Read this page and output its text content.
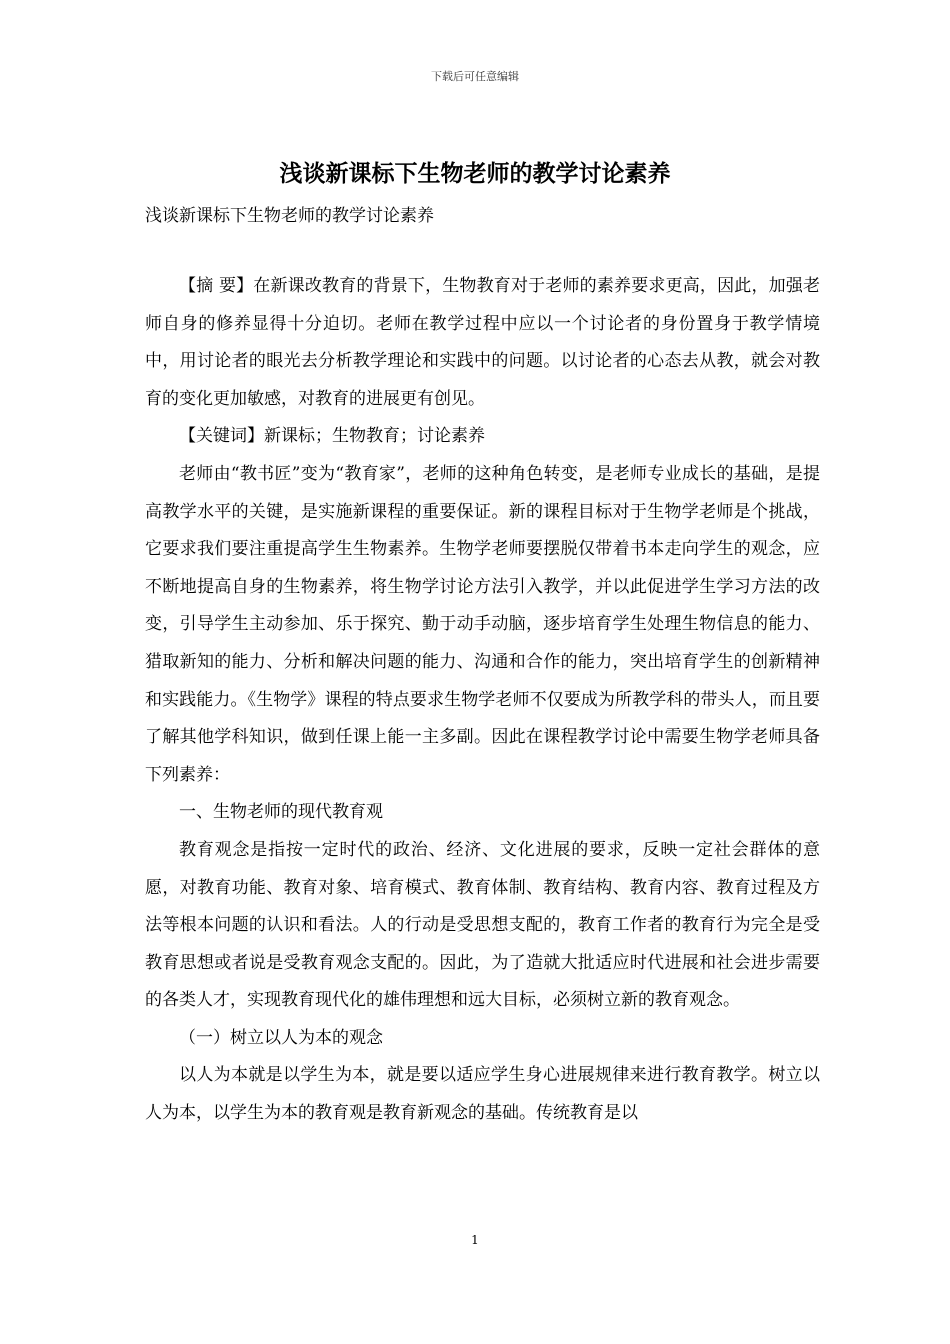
下载后可任意编辑
浅谈新课标下生物老师的教学讨论素养
浅谈新课标下生物老师的教学讨论素养

【摘 要】在新课改教育的背景下，生物教育对于老师的素养要求更高，因此，加强老师自身的修养显得十分迫切。老师在教学过程中应以一个讨论者的身份置身于教学情境中，用讨论者的眼光去分析教学理论和实践中的问题。以讨论者的心态去从教，就会对教育的变化更加敏感，对教育的进展更有创见。

【关键词】新课标；生物教育；讨论素养

老师由“教书匠”变为“教育家”，老师的这种角色转变，是老师专业成长的基础，是提高教学水平的关键，是实施新课程的重要保证。新的课程目标对于生物学老师是个挑战，它要求我们要注重提高学生生物素养。生物学老师要摆脱仅带着书本走向学生的观念，应不断地提高自身的生物素养，将生物学讨论方法引入教学，并以此促进学生学习方法的改变，引导学生主动参加、乐于探究、勤于动手动脑，逐步培育学生处理生物信息的能力、猎取新知的能力、分析和解决问题的能力、沟通和合作的能力，突出培育学生的创新精神和实践能力。《生物学》课程的特点要求生物学老师不仅要成为所教学科的带头人，而且要了解其他学科知识，做到任课上能一主多副。因此在课程教学讨论中需要生物学老师具备下列素养：

一、生物老师的现代教育观

教育观念是指按一定时代的政治、经济、文化进展的要求，反映一定社会群体的意愿，对教育功能、教育对象、培育模式、教育体制、教育结构、教育内容、教育过程及方法等根本问题的认识和看法。人的行动是受思想支配的，教育工作者的教育行为完全是受教育思想或者说是受教育观念支配的。因此，为了造就大批适应时代进展和社会进步需要的各类人才，实现教育现代化的雄伟理想和远大目标，必须树立新的教育观念。

（一）树立以人为本的观念

以人为本就是以学生为本，就是要以适应学生身心进展规律来进行教育教学。树立以人为本，以学生为本的教育观是教育新观念的基础。传统教育是以

1
